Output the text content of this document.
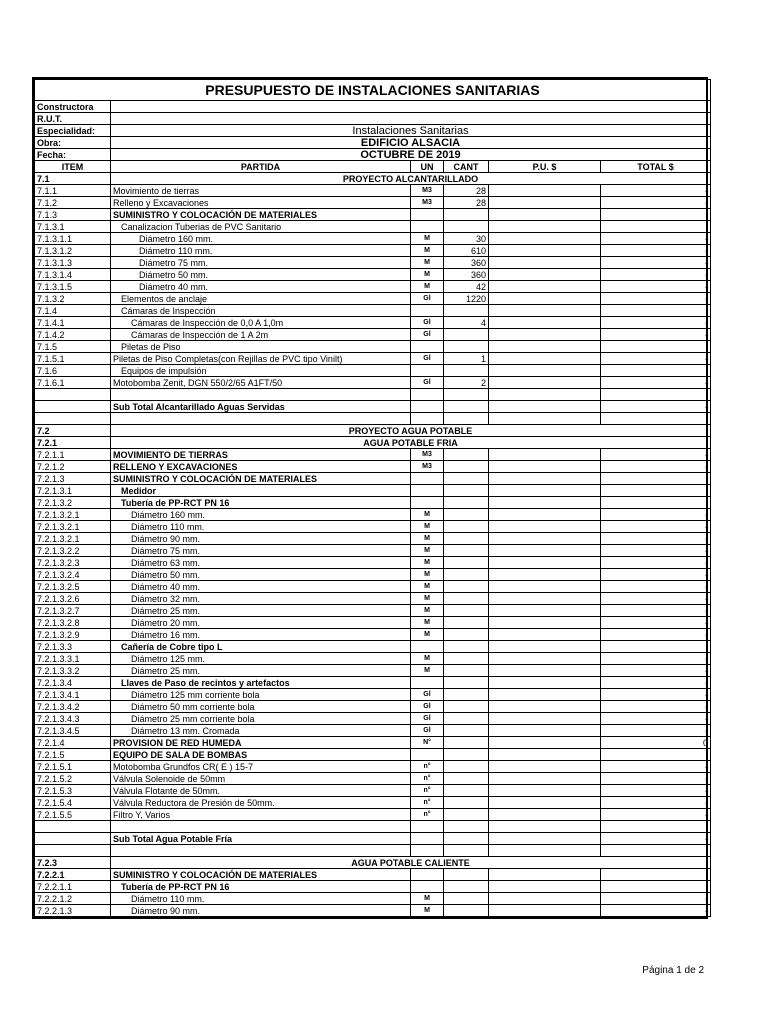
PRESUPUESTO DE INSTALACIONES SANITARIAS					
Constructora					
R.U.T.					
Especialidad:	Instalaciones Sanitarias				
Obra:	EDIFICIO ALSACIA				
Fecha:	OCTUBRE DE 2019				
ITEM	PARTIDA	UN	CANT	P.U. $	TOTAL $
7.1	PROYECTO ALCANTARILLADO				
7.1.1	Movimiento de tierras	M3	28		-
7.1.2	Relleno y Excavaciones	M3	28		-
7.1.3	SUMINISTRO Y COLOCACIÓN DE MATERIALES				
7.1.3.1	Canalizacion Tuberias de PVC Sanitario				
7.1.3.1.1	Diámetro 160 mm.	M	30		-
7.1.3.1.2	Diámetro 110 mm.	M	610		-
7.1.3.1.3	Diámetro 75 mm.	M	360		-
7.1.3.1.4	Diámetro 50 mm.	M	360		-
7.1.3.1.5	Diámetro 40 mm.	M	42		-
7.1.3.2	Elementos de anclaje	Gl	1220		-
7.1.4	Cámaras de Inspección				
7.1.4.1	Cámaras de Inspección de 0,0 A 1,0m	Gl	4		-
7.1.4.2	Cámaras de Inspección de 1 A 2m	Gl			-
7.1.5	Piletas de Piso				
7.1.5.1	Piletas de Piso Completas(con Rejillas de PVC tipo Vinilt)	Gl	1		-
7.1.6	Equipos de impulsión				
7.1.6.1	Motobomba Zenit, DGN 550/2/65 A1FT/50	Gl	2		-

	Sub Total Alcantarillado Aguas Servidas				-

7.2	PROYECTO AGUA POTABLE				
7.2.1	AGUA POTABLE FRIA				
7.2.1.1	MOVIMIENTO DE TIERRAS	M3			-
7.2.1.2	RELLENO Y EXCAVACIONES	M3			-
7.2.1.3	SUMINISTRO Y COLOCACIÓN DE MATERIALES				
7.2.1.3.1	Medidor				
7.2.1.3.2	Tubería de PP-RCT PN 16				
7.2.1.3.2.1	Diámetro 160 mm.	M			-
7.2.1.3.2.1	Diámetro 110 mm.	M			-
7.2.1.3.2.1	Diámetro 90 mm.	M			-
7.2.1.3.2.2	Diámetro 75 mm.	M			-
7.2.1.3.2.3	Diámetro 63 mm.	M			-
7.2.1.3.2.4	Diámetro 50 mm.	M			-
7.2.1.3.2.5	Diámetro 40 mm.	M			-
7.2.1.3.2.6	Diámetro 32 mm.	M			-
7.2.1.3.2.7	Diámetro 25 mm.	M			-
7.2.1.3.2.8	Diámetro 20 mm.	M			-
7.2.1.3.2.9	Diámetro 16 mm.	M			-
7.2.1.3.3	Cañería de Cobre tipo L				
7.2.1.3.3.1	Diámetro 125 mm.	M			-
7.2.1.3.3.2	Diámetro 25 mm.	M			-
7.2.1.3.4	Llaves de Paso de recintos y artefactos				-
7.2.1.3.4.1	Diámetro 125 mm corriente bola	Gl			-
7.2.1.3.4.2	Diámetro 50 mm corriente bola	Gl			-
7.2.1.3.4.3	Diámetro 25 mm corriente bola	Gl			-
7.2.1.3.4.5	Diámetro 13 mm. Cromada	Gl			-
7.2.1.4	PROVISION DE RED HUMEDA	N°			0
7.2.1.5	EQUIPO DE SALA DE BOMBAS				
7.2.1.5.1	Motobomba Grundfos CR( E ) 15-7	n°			-
7.2.1.5.2	Válvula Solenoide de 50mm	n°			-
7.2.1.5.3	Válvula Flotante de 50mm.	n°			-
7.2.1.5.4	Válvula Reductora de Presión de 50mm.	n°			-
7.2.1.5.5	Filtro Y, Varios	n°			-

	Sub Total Agua Potable Fría				-

7.2.3	AGUA POTABLE CALIENTE				
7.2.2.1	SUMINISTRO Y COLOCACIÓN DE MATERIALES				
7.2.2.1.1	Tubería de PP-RCT PN 16				
7.2.2.1.2	Diámetro 110 mm.	M			-
7.2.2.1.3	Diámetro 90 mm.	M			-
Página 1 de 2
